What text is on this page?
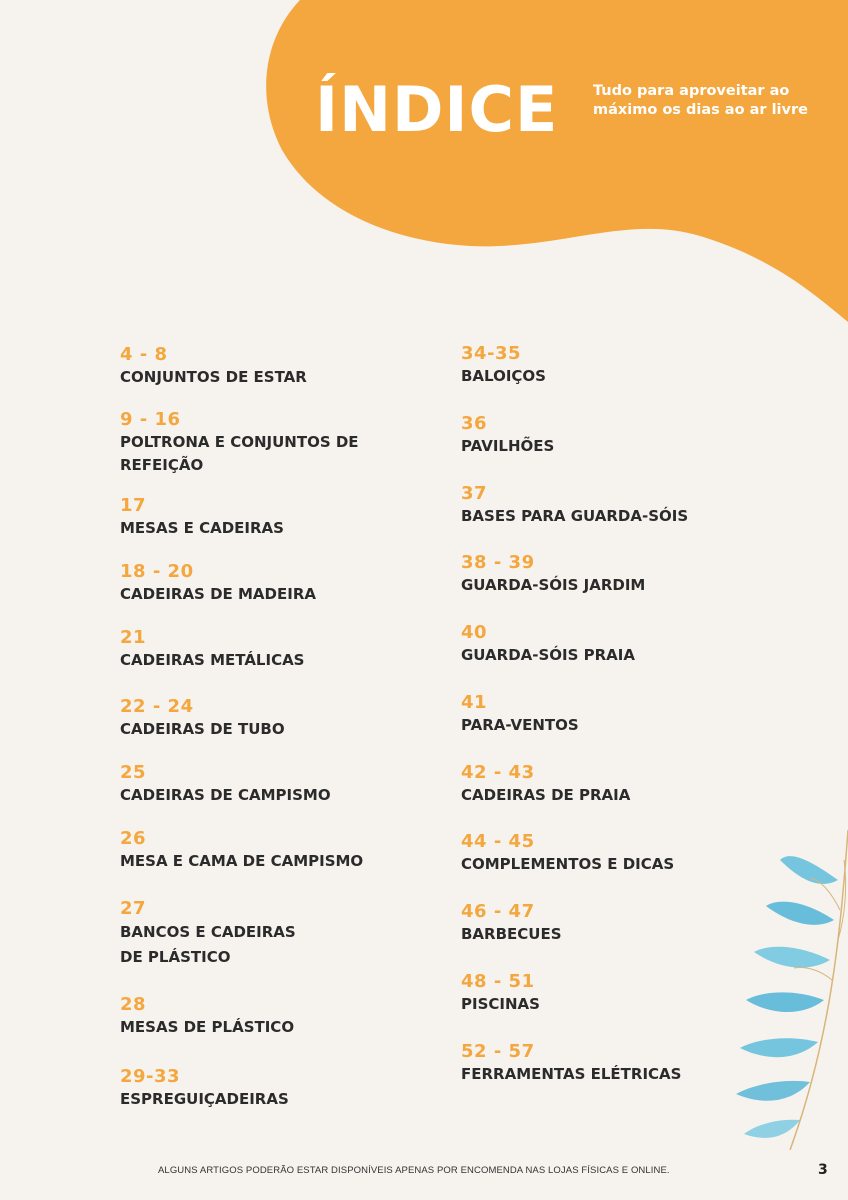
ÍNDICE Tudo para aproveitar ao máximo os dias ao ar livre
4 - 8
CONJUNTOS DE ESTAR
9 - 16
POLTRONA E CONJUNTOS DE REFEIÇÃO
17
MESAS E CADEIRAS
18 - 20
CADEIRAS DE MADEIRA
21
CADEIRAS METÁLICAS
22 - 24
CADEIRAS DE TUBO
25
CADEIRAS DE CAMPISMO
26
MESA E CAMA DE CAMPISMO
27
BANCOS E CADEIRAS DE PLÁSTICO
28
MESAS DE PLÁSTICO
29-33
ESPREGUIÇADEIRAS
34-35
BALOIÇOS
36
PAVILHÕES
37
BASES PARA GUARDA-SÓIS
38 - 39
GUARDA-SÓIS JARDIM
40
GUARDA-SÓIS PRAIA
41
PARA-VENTOS
42 - 43
CADEIRAS DE PRAIA
44 - 45
COMPLEMENTOS E DICAS
46 - 47
BARBECUES
48 - 51
PISCINAS
52 - 57
FERRAMENTAS ELÉTRICAS
ALGUNS ARTIGOS PODERÃO ESTAR DISPONÍVEIS APENAS POR ENCOMENDA NAS LOJAS FÍSICAS E ONLINE.	3
